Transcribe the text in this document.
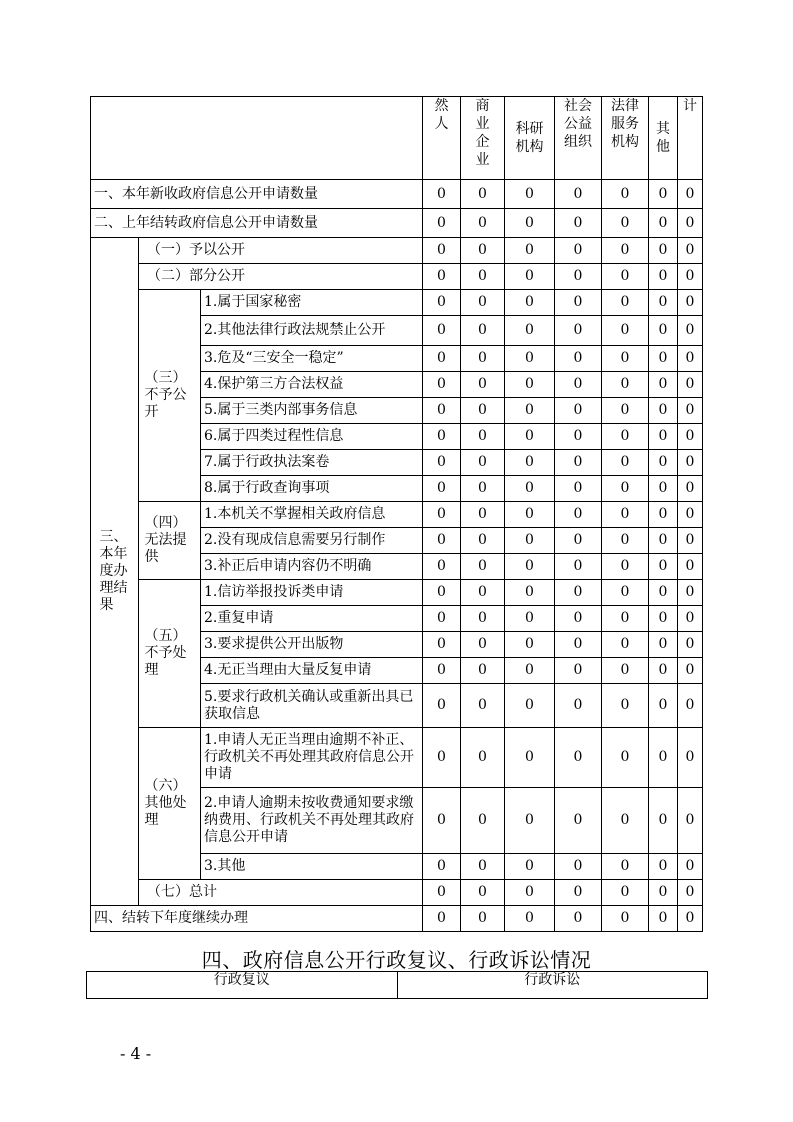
			然人	商业企业	科研机构	社会公益组织	法律服务机构	其他	计

一、本年新收政府信息公开申请数量			0	0	0	0	0	0	0
二、上年结转政府信息公开申请数量			0	0	0	0	0	0	0

三、本年度办理结果	（一）予以公开		0	0	0	0	0	0	0
	（二）部分公开		0	0	0	0	0	0	0

	（三）不予公开	1.属于国家秘密	0	0	0	0	0	0	0
		2.其他法律行政法规禁止公开	0	0	0	0	0	0	0
		3.危及“三安全一稳定”	0	0	0	0	0	0	0
		4.保护第三方合法权益	0	0	0	0	0	0	0
		5.属于三类内部事务信息	0	0	0	0	0	0	0
		6.属于四类过程性信息	0	0	0	0	0	0	0
		7.属于行政执法案卷	0	0	0	0	0	0	0
		8.属于行政查询事项	0	0	0	0	0	0	0

	（四）无法提供	1.本机关不掌握相关政府信息	0	0	0	0	0	0	0
		2.没有现成信息需要另行制作	0	0	0	0	0	0	0
		3.补正后申请内容仍不明确	0	0	0	0	0	0	0

	（五）不予处理	1.信访举报投诉类申请	0	0	0	0	0	0	0
		2.重复申请	0	0	0	0	0	0	0
		3.要求提供公开出版物	0	0	0	0	0	0	0
		4.无正当理由大量反复申请	0	0	0	0	0	0	0
		5.要求行政机关确认或重新出具已获取信息	0	0	0	0	0	0	0

	（六）其他处理	1.申请人无正当理由逾期不补正、行政机关不再处理其政府信息公开申请	0	0	0	0	0	0	0
		2.申请人逾期未按收费通知要求缴纳费用、行政机关不再处理其政府信息公开申请	0	0	0	0	0	0	0
		3.其他	0	0	0	0	0	0	0
	（七）总计		0	0	0	0	0	0	0
四、结转下年度继续办理			0	0	0	0	0	0	0
四、政府信息公开行政复议、行政诉讼情况
行政复议	行政诉讼
- 4 -
